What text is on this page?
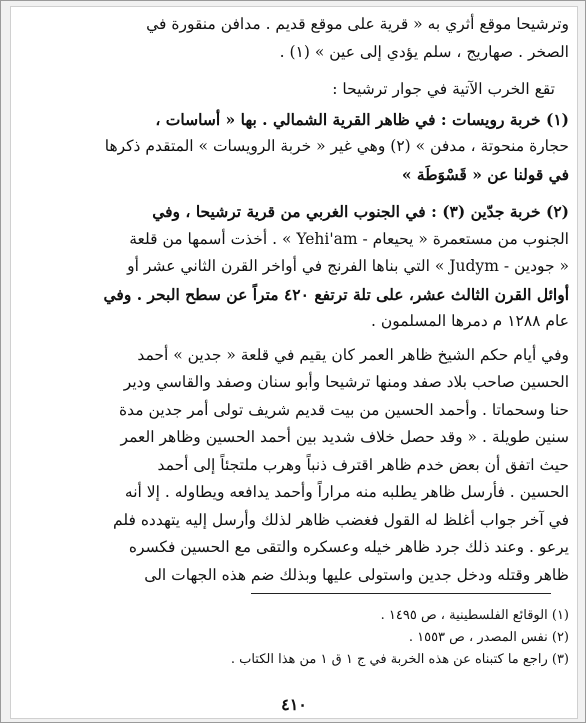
وترشيحا موقع أثري به « قرية على موقع قديم . مدافن منقورة في
الصخر . صهاريج ، سلم يؤدي إلى عين » (١) .
تقع الخرب الآتية في جوار ترشيحا :
(١) خربة رويسات : في ظاهر القرية الشمالي . بها « أساسات ،
حجارة منحوتة ، مدفن » (٢) وهي غير « خربة الرويسات » المتقدم ذكرها
في قولنا عن « قَسْوَطَة »
(٢) خربة جدّين (٣) : في الجنوب الغربي من قرية ترشيحا ، وفي
الجنوب من مستعمرة « يحيعام - Yehi'am » . أخذت أسمها من قلعة
« جودين - Judym » التي بناها الفرنج في أواخر القرن الثاني عشر أو
أوائل القرن الثالث عشر، على تلة ترتفع ٤٢٠ متراً عن سطح البحر . وفي
عام ١٢٨٨ م دمرها المسلمون .
وفي أيام حكم الشيخ ظاهر العمر كان يقيم في قلعة « جدين » أحمد
الحسين صاحب بلاد صفد ومنها ترشيحا وأبو سنان وصفد والقاسي ودير
حنا وسحماتا . وأحمد الحسين من بيت قديم شريف تولى أمر جدين مدة
سنين طويلة . « وقد حصل خلاف شديد بين أحمد الحسين وظاهر العمر
حيث اتفق أن بعض خدم ظاهر اقترف ذنباً وهرب ملتجئاً إلى أحمد
الحسين . فأرسل ظاهر يطلبه منه مراراً وأحمد يدافعه ويطاوله . إلا أنه
في آخر جواب أغلظ له القول فغضب ظاهر لذلك وأرسل إليه يتهدده فلم
يرعو . وعند ذلك جرد ظاهر خيله وعسكره والتقى مع الحسين فكسره
ظاهر وقتله ودخل جدين واستولى عليها وبذلك ضم هذه الجهات الى
(١) الوقائع الفلسطينية ، ص ١٤٩٥ .
(٢) نفس المصدر ، ص ١٥٥٣ .
(٣) راجع ما كتبناه عن هذه الخربة في ج ١ ق ١ من هذا الكتاب .
٤١٠
